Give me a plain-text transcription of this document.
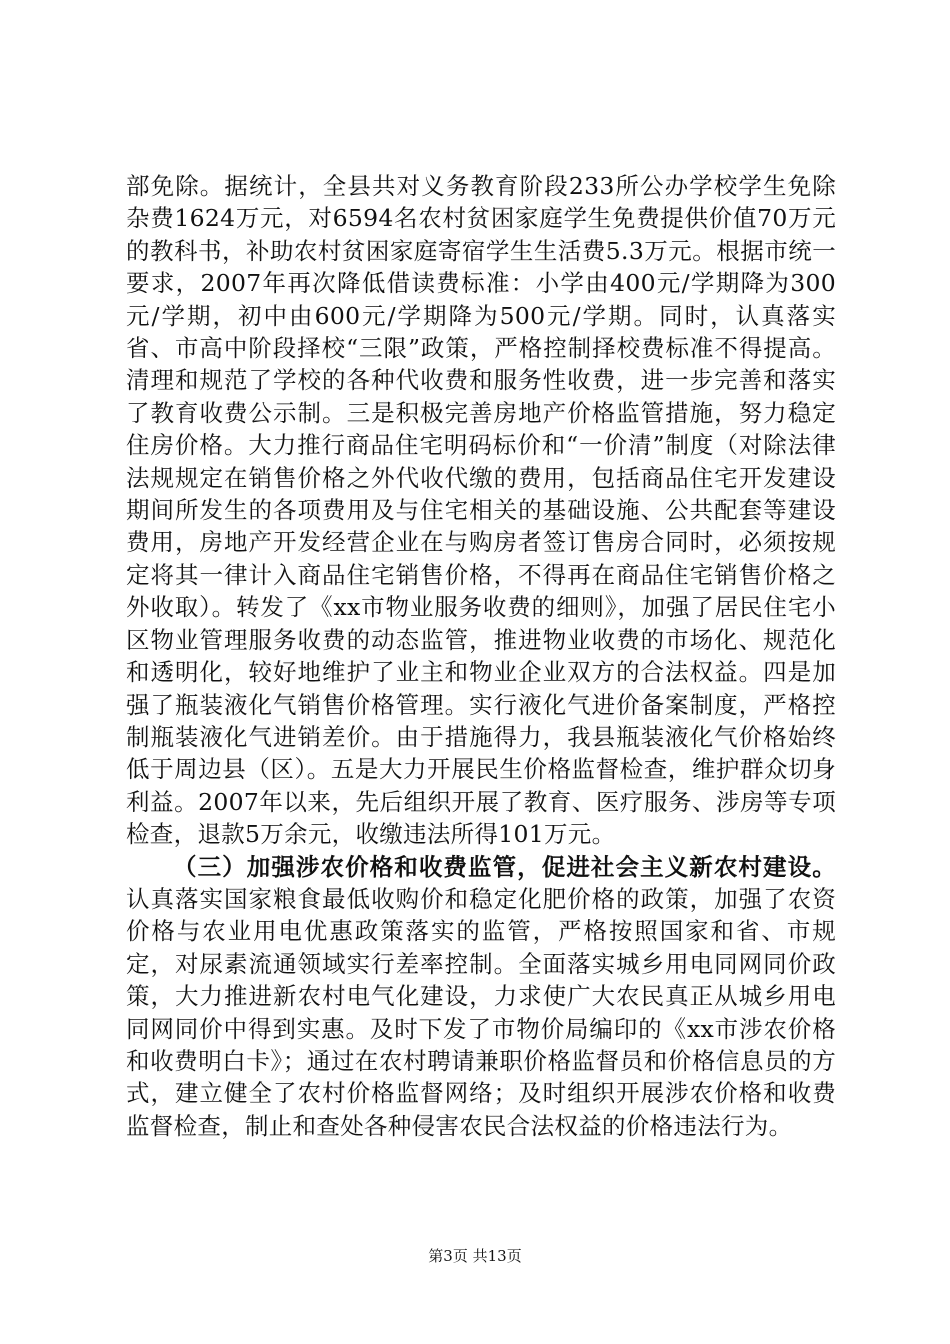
部免除。据统计，全县共对义务教育阶段233所公办学校学生免除杂费1624万元，对6594名农村贫困家庭学生免费提供价值70万元的教科书，补助农村贫困家庭寄宿学生生活费5.3万元。根据市统一要求，2007年再次降低借读费标准：小学由400元/学期降为300元/学期，初中由600元/学期降为500元/学期。同时，认真落实省、市高中阶段择校“三限”政策，严格控制择校费标准不得提高。清理和规范了学校的各种代收费和服务性收费，进一步完善和落实了教育收费公示制。三是积极完善房地产价格监管措施，努力稳定住房价格。大力推行商品住宅明码标价和“一价清”制度（对除法律法规规定在销售价格之外代收代缴的费用，包括商品住宅开发建设期间所发生的各项费用及与住宅相关的基础设施、公共配套等建设费用，房地产开发经营企业在与购房者签订售房合同时，必须按规定将其一律计入商品住宅销售价格，不得再在商品住宅销售价格之外收取）。转发了《xx市物业服务收费的细则》，加强了居民住宅小区物业管理服务收费的动态监管，推进物业收费的市场化、规范化和透明化，较好地维护了业主和物业企业双方的合法权益。四是加强了瓶装液化气销售价格管理。实行液化气进价备案制度，严格控制瓶装液化气进销差价。由于措施得力，我县瓶装液化气价格始终低于周边县（区）。五是大力开展民生价格监督检查，维护群众切身利益。2007年以来，先后组织开展了教育、医疗服务、涉房等专项检查，退款5万余元，收缴违法所得101万元。

（三）加强涉农价格和收费监管，促进社会主义新农村建设。认真落实国家粮食最低收购价和稳定化肥价格的政策，加强了农资价格与农业用电优惠政策落实的监管，严格按照国家和省、市规定，对尿素流通领域实行差率控制。全面落实城乡用电同网同价政策，大力推进新农村电气化建设，力求使广大农民真正从城乡用电同网同价中得到实惠。及时下发了市物价局编印的《xx市涉农价格和收费明白卡》；通过在农村聘请兼职价格监督员和价格信息员的方式，建立健全了农村价格监督网络；及时组织开展涉农价格和收费监督检查，制止和查处各种侵害农民合法权益的价格违法行为。

第3页 共13页
